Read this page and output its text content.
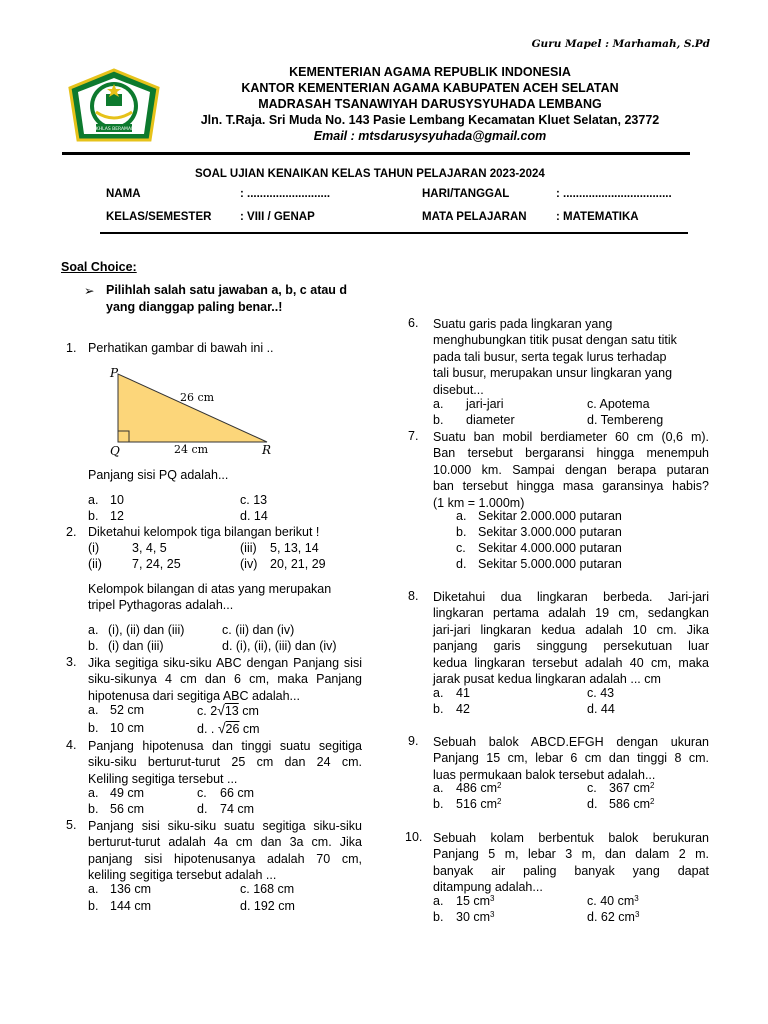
Guru Mapel : Marhamah, S.Pd
IKHLAS BERAMAL
KEMENTERIAN AGAMA REPUBLIK INDONESIA
KANTOR KEMENTERIAN AGAMA KABUPATEN ACEH SELATAN
MADRASAH TSANAWIYAH DARUSYSYUHADA LEMBANG
Jln. T.Raja. Sri Muda No. 143 Pasie Lembang Kecamatan Kluet Selatan, 23772
Email : mtsdarusysyuhada@gmail.com
SOAL UJIAN KENAIKAN KELAS TAHUN PELAJARAN 2023-2024
NAMA	: ..........................	HARI/TANGGAL	: ..................................
KELAS/SEMESTER : VIII / GENAP	MATA PELAJARAN	: MATEMATIKA
Soal Choice:
➢ Pilihlah salah satu jawaban a, b, c atau d
yang dianggap paling benar..!
1. Perhatikan gambar di bawah ini ..
P
Q	R
26 cm
24 cm
Panjang sisi PQ adalah...
a. 10	c. 13
b. 12	d. 14
2. Diketahui kelompok tiga bilangan berikut !
(i)	3, 4, 5	(iii) 5, 13, 14
(ii) 7, 24, 25	(iv) 20, 21, 29
Kelompok bilangan di atas yang merupakan
tripel Pythagoras adalah...
a. (i), (ii) dan (iii)	c. (ii) dan (iv)
b. (i) dan (iii)	d. (i), (ii), (iii) dan (iv)
3. Jika segitiga siku-siku ABC dengan Panjang sisi
siku-sikunya 4 cm dan 6 cm, maka Panjang
hipotenusa dari segitiga ABC adalah...
a. 52 cm	c. 2√13 cm
b. 10 cm	d. . √26 cm
4. Panjang hipotenusa dan tinggi suatu segitiga
siku-siku berturut-turut 25 cm dan 24 cm.
Keliling segitiga tersebut ...
a. 49 cm	c. 66 cm
b. 56 cm	d. 74 cm
5. Panjang sisi siku-siku suatu segitiga siku-siku
berturut-turut adalah 4a cm dan 3a cm. Jika
panjang sisi hipotenusanya adalah 70 cm,
keliling segitiga tersebut adalah ...
a. 136 cm	c. 168 cm
b. 144 cm	d. 192 cm
6. Suatu garis pada lingkaran yang
menghubungkan titik pusat dengan satu titik
pada tali busur, serta tegak lurus terhadap
tali busur, merupakan unsur lingkaran yang
disebut...
a. jari-jari	c. Apotema
b. diameter	d. Tembereng
7. Suatu ban mobil berdiameter 60 cm (0,6 m).
Ban tersebut bergaransi hingga menempuh
10.000 km. Sampai dengan berapa putaran
ban tersebut hingga masa garansinya habis?
(1 km = 1.000m)
a. Sekitar 2.000.000 putaran
b. Sekitar 3.000.000 putaran
c. Sekitar 4.000.000 putaran
d. Sekitar 5.000.000 putaran
8. Diketahui dua lingkaran berbeda. Jari-jari
lingkaran pertama adalah 19 cm, sedangkan
jari-jari lingkaran kedua adalah 10 cm. Jika
panjang garis singgung persekutuan luar
kedua lingkaran tersebut adalah 40 cm, maka
jarak pusat kedua lingkaran adalah ... cm
a. 41	c. 43
b. 42	d. 44
9. Sebuah balok ABCD.EFGH dengan ukuran
Panjang 15 cm, lebar 6 cm dan tinggi 8 cm.
luas permukaan balok tersebut adalah...
a. 486 $cm^2$	c. 367 $cm^2$
b. 516 $cm^2$	d. 586 $cm^2$
10. Sebuah kolam berbentuk balok berukuran
Panjang 5 m, lebar 3 m, dan dalam 2 m.
banyak air paling banyak yang dapat
ditampung adalah...
a. 15 $cm^3$	c. 40 $cm^3$
b. 30 $cm^3$	d. 62 $cm^3$
